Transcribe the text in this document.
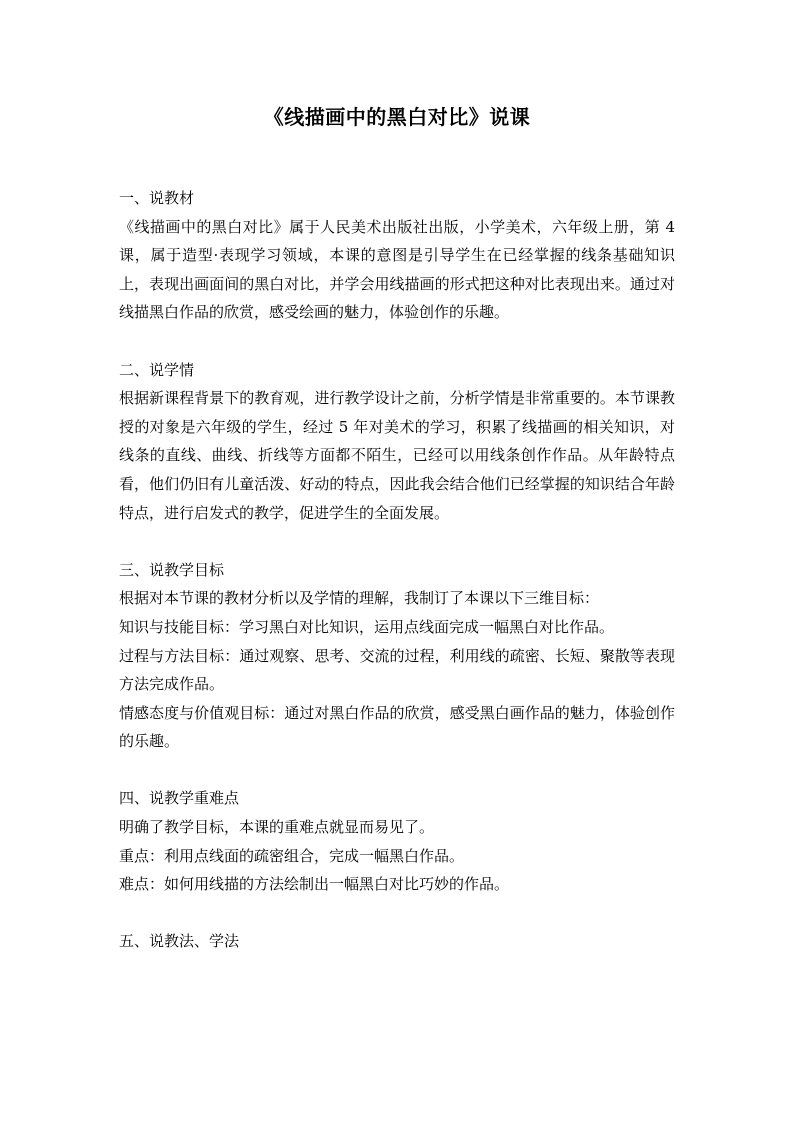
《线描画中的黑白对比》说课

一、说教材

《线描画中的黑白对比》属于人民美术出版社出版，小学美术，六年级上册，第 4 课，属于造型·表现学习领域，本课的意图是引导学生在已经掌握的线条基础知识上，表现出画面间的黑白对比，并学会用线描画的形式把这种对比表现出来。通过对线描黑白作品的欣赏，感受绘画的魅力，体验创作的乐趣。

二、说学情

根据新课程背景下的教育观，进行教学设计之前，分析学情是非常重要的。本节课教授的对象是六年级的学生，经过 5 年对美术的学习，积累了线描画的相关知识，对线条的直线、曲线、折线等方面都不陌生，已经可以用线条创作作品。从年龄特点看，他们仍旧有儿童活泼、好动的特点，因此我会结合他们已经掌握的知识结合年龄特点，进行启发式的教学，促进学生的全面发展。

三、说教学目标

根据对本节课的教材分析以及学情的理解，我制订了本课以下三维目标：

知识与技能目标：学习黑白对比知识，运用点线面完成一幅黑白对比作品。

过程与方法目标：通过观察、思考、交流的过程，利用线的疏密、长短、聚散等表现方法完成作品。

情感态度与价值观目标：通过对黑白作品的欣赏，感受黑白画作品的魅力，体验创作的乐趣。

四、说教学重难点

明确了教学目标，本课的重难点就显而易见了。

重点：利用点线面的疏密组合，完成一幅黑白作品。

难点：如何用线描的方法绘制出一幅黑白对比巧妙的作品。

五、说教法、学法
